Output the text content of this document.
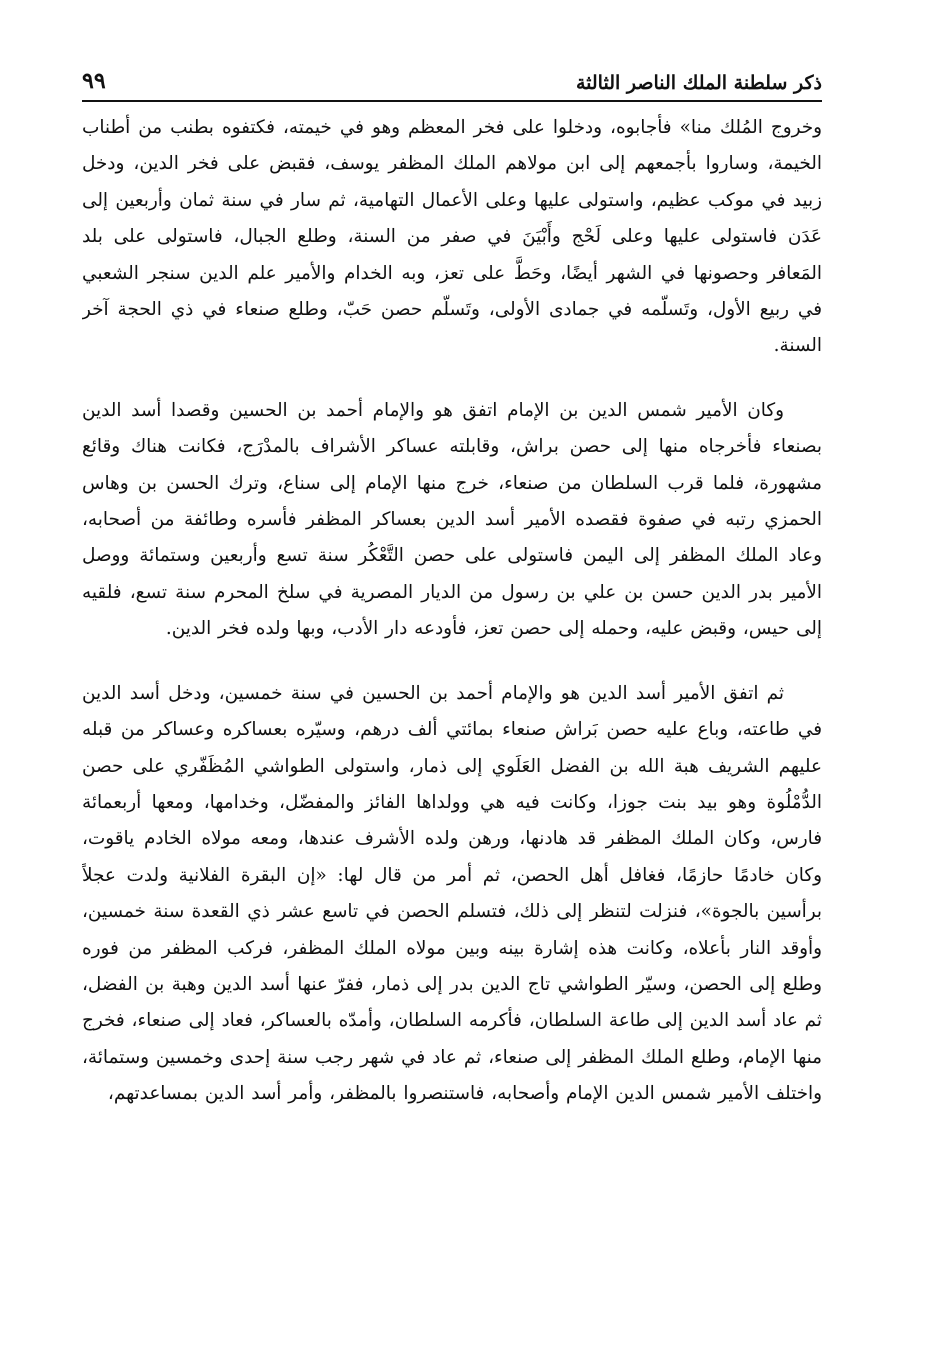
ذكر سلطنة الملك الناصر الثالثة
٩٩

وخروج المُلك منا» فأجابوه، ودخلوا على فخر المعظم وهو في خيمته، فكتفوه بطنب من أطناب الخيمة، وساروا بأجمعهم إلى ابن مولاهم الملك المظفر يوسف، فقبض على فخر الدين، ودخل زبيد في موكب عظيم، واستولى عليها وعلى الأعمال التهامية، ثم سار في سنة ثمان وأربعين إلى عَدَن فاستولى عليها وعلى لَحْج وأَبْيَنَ في صفر من السنة، وطلع الجبال، فاستولى على بلد المَعافر وحصونها في الشهر أيضًا، وحَطَّ على تعز، وبه الخدام والأمير علم الدين سنجر الشعبي في ربيع الأول، وتَسلّمه في جمادى الأولى، وتَسلّم حصن حَبّ، وطلع صنعاء في ذي الحجة آخر السنة.

وكان الأمير شمس الدين بن الإمام اتفق هو والإمام أحمد بن الحسين وقصدا أسد الدين بصنعاء فأخرجاه منها إلى حصن براش، وقابلته عساكر الأشراف بالمدْرَج، فكانت هناك وقائع مشهورة، فلما قرب السلطان من صنعاء، خرج منها الإمام إلى سناع، وترك الحسن بن وهاس الحمزي رتبه في صفوة فقصده الأمير أسد الدين بعساكر المظفر فأسره وطائفة من أصحابه، وعاد الملك المظفر إلى اليمن فاستولى على حصن التَّعْكُر سنة تسع وأربعين وستمائة ووصل الأمير بدر الدين حسن بن علي بن رسول من الديار المصرية في سلخ المحرم سنة تسع، فلقيه إلى حيس، وقبض عليه، وحمله إلى حصن تعز، فأودعه دار الأدب، وبها ولده فخر الدين.

ثم اتفق الأمير أسد الدين هو والإمام أحمد بن الحسين في سنة خمسين، ودخل أسد الدين في طاعته، وباع عليه حصن بَراش صنعاء بمائتي ألف درهم، وسيّره بعساكره وعساكر من قبله عليهم الشريف هبة الله بن الفضل العَلَوي إلى ذمار، واستولى الطواشي المُظَفّري على حصن الدُّمْلُوة وهو بيد بنت جوزا، وكانت فيه هي وولداها الفائز والمفضّل، وخدامها، ومعها أربعمائة فارس، وكان الملك المظفر قد هادنها، ورهن ولده الأشرف عندها، ومعه مولاه الخادم ياقوت، وكان خادمًا حازمًا، فغافل أهل الحصن، ثم أمر من قال لها: «إن البقرة الفلانية ولدت عجلاً برأسين بالجوة»، فنزلت لتنظر إلى ذلك، فتسلم الحصن في تاسع عشر ذي القعدة سنة خمسين، وأوقد النار بأعلاه، وكانت هذه إشارة بينه وبين مولاه الملك المظفر، فركب المظفر من فوره وطلع إلى الحصن، وسيّر الطواشي تاج الدين بدر إلى ذمار، ففرّ عنها أسد الدين وهبة بن الفضل، ثم عاد أسد الدين إلى طاعة السلطان، فأكرمه السلطان، وأمدّه بالعساكر، فعاد إلى صنعاء، فخرج منها الإمام، وطلع الملك المظفر إلى صنعاء، ثم عاد في شهر رجب سنة إحدى وخمسين وستمائة، واختلف الأمير شمس الدين الإمام وأصحابه، فاستنصروا بالمظفر، وأمر أسد الدين بمساعدتهم،
